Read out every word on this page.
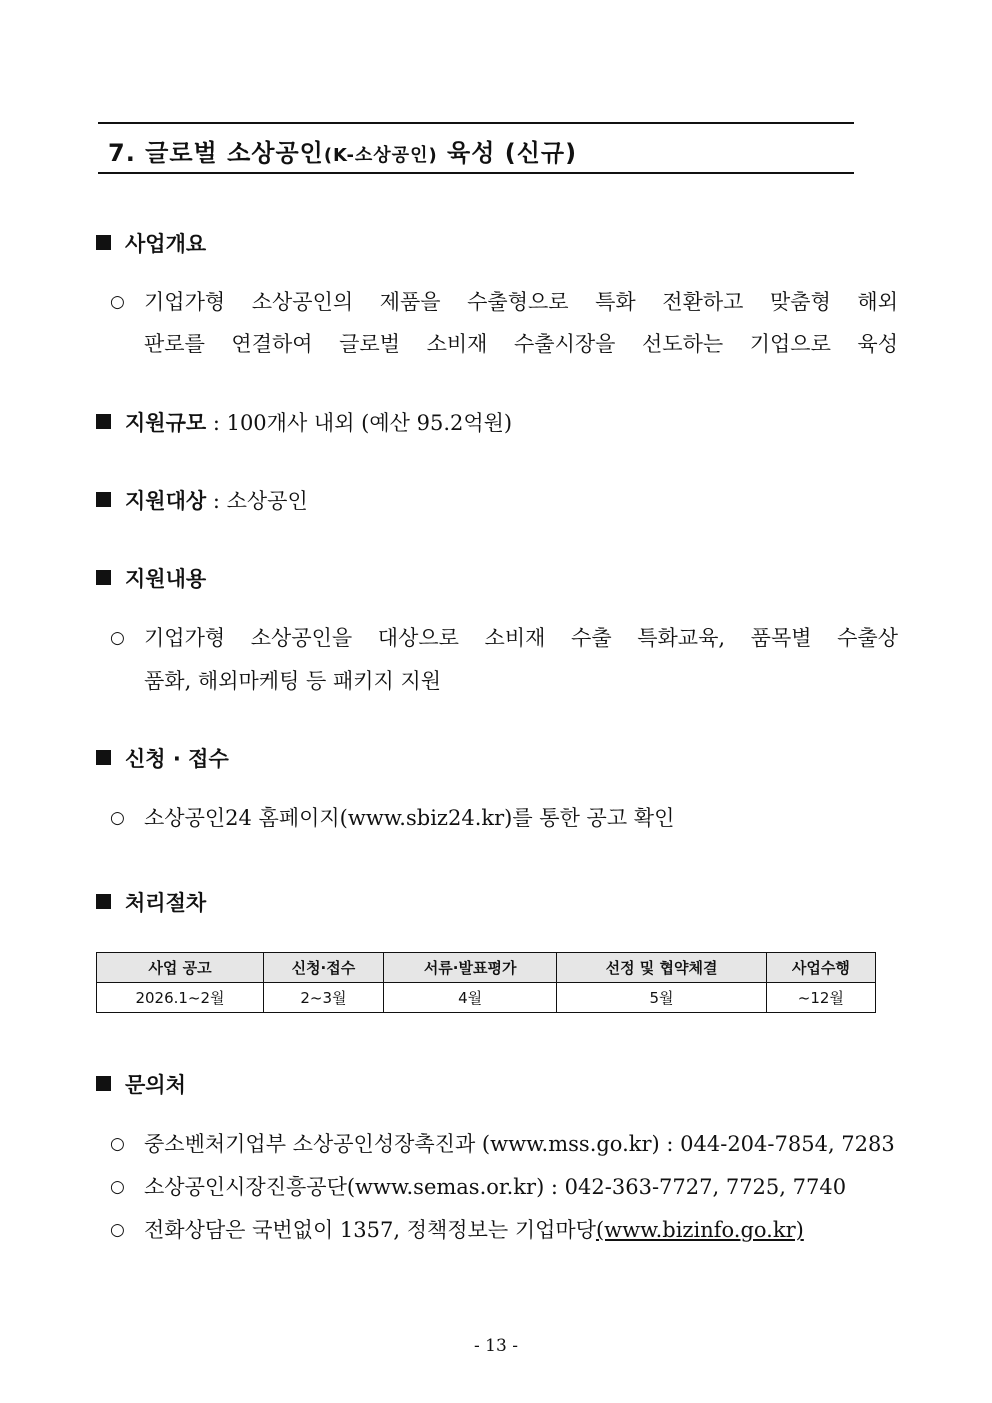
7. 글로벌 소상공인(K-소상공인) 육성 (신규)
사업개요
○ 기업가형 소상공인의 제품을 수출형으로 특화 전환하고 맞춤형 해외
판로를 연결하여 글로벌 소비재 수출시장을 선도하는 기업으로 육성
지원규모 : 100개사 내외 (예산 95.2억원)
지원대상 : 소상공인
지원내용
○ 기업가형 소상공인을 대상으로 소비재 수출 특화교육, 품목별 수출상
품화, 해외마케팅 등 패키지 지원
신청 · 접수
○ 소상공인24 홈페이지(www.sbiz24.kr)를 통한 공고 확인
처리절차
사업 공고	신청·접수	서류·발표평가	선정 및 협약체결	사업수행
2026.1~2월	2~3월	4월	5월	~12월
문의처
○ 중소벤처기업부 소상공인성장촉진과 (www.mss.go.kr) : 044-204-7854, 7283
○ 소상공인시장진흥공단(www.semas.or.kr) : 042-363-7727, 7725, 7740
○ 전화상담은 국번없이 1357, 정책정보는 기업마당(www.bizinfo.go.kr)
- 13 -
